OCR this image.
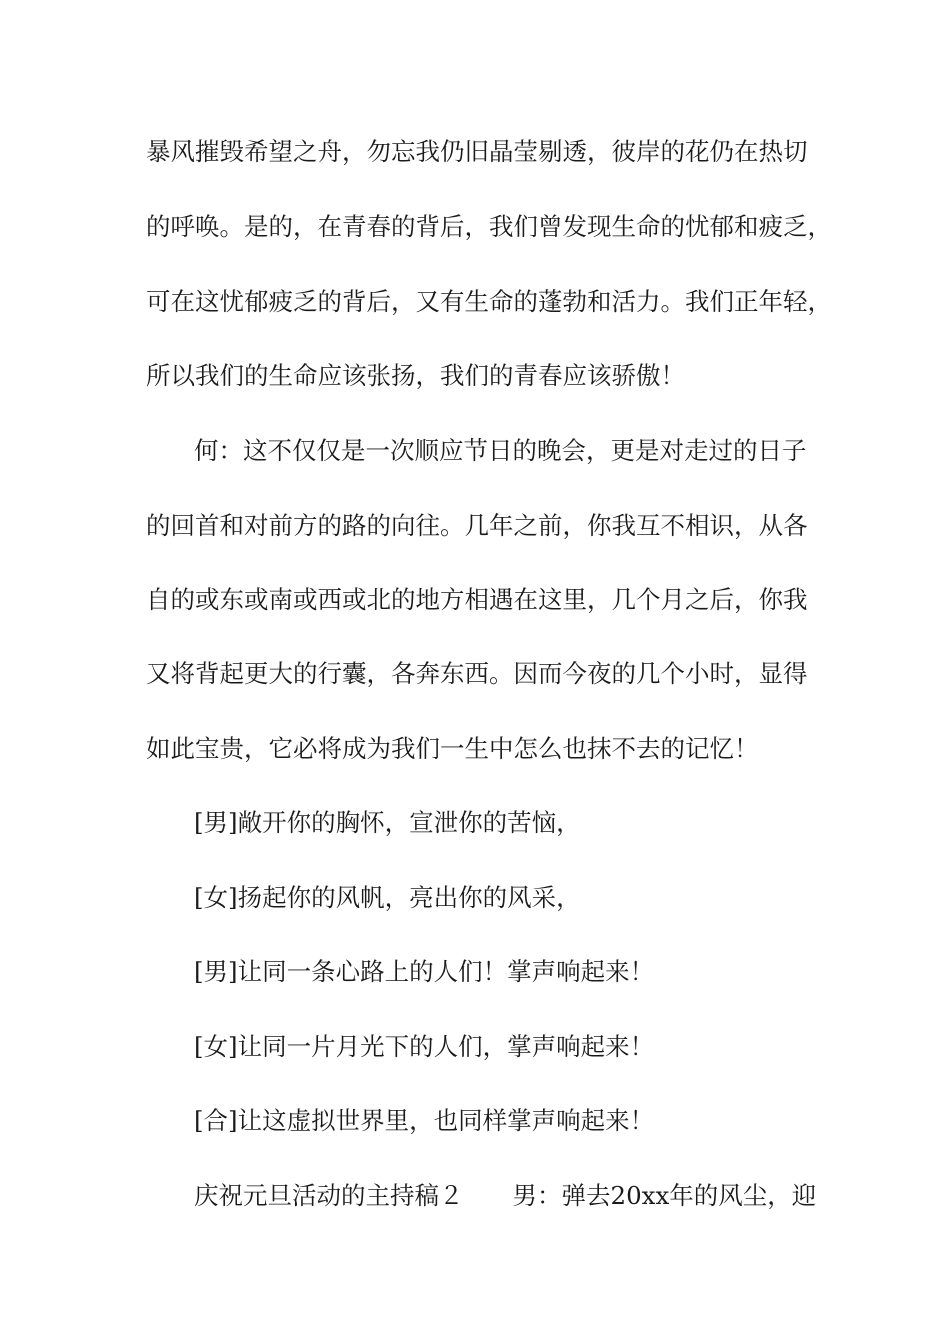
暴风摧毁希望之舟，勿忘我仍旧晶莹剔透，彼岸的花仍在热切
的呼唤。是的，在青春的背后，我们曾发现生命的忧郁和疲乏，
可在这忧郁疲乏的背后，又有生命的蓬勃和活力。我们正年轻，
所以我们的生命应该张扬，我们的青春应该骄傲！
何：这不仅仅是一次顺应节日的晚会，更是对走过的日子
的回首和对前方的路的向往。几年之前，你我互不相识，从各
自的或东或南或西或北的地方相遇在这里，几个月之后，你我
又将背起更大的行囊，各奔东西。因而今夜的几个小时，显得
如此宝贵，它必将成为我们一生中怎么也抹不去的记忆！
[男]敞开你的胸怀，宣泄你的苦恼，
[女]扬起你的风帆，亮出你的风采，
[男]让同一条心路上的人们！掌声响起来！
[女]让同一片月光下的人们，掌声响起来！
[合]让这虚拟世界里，也同样掌声响起来！
庆祝元旦活动的主持稿２　　男：弹去20xx年的风尘，迎
